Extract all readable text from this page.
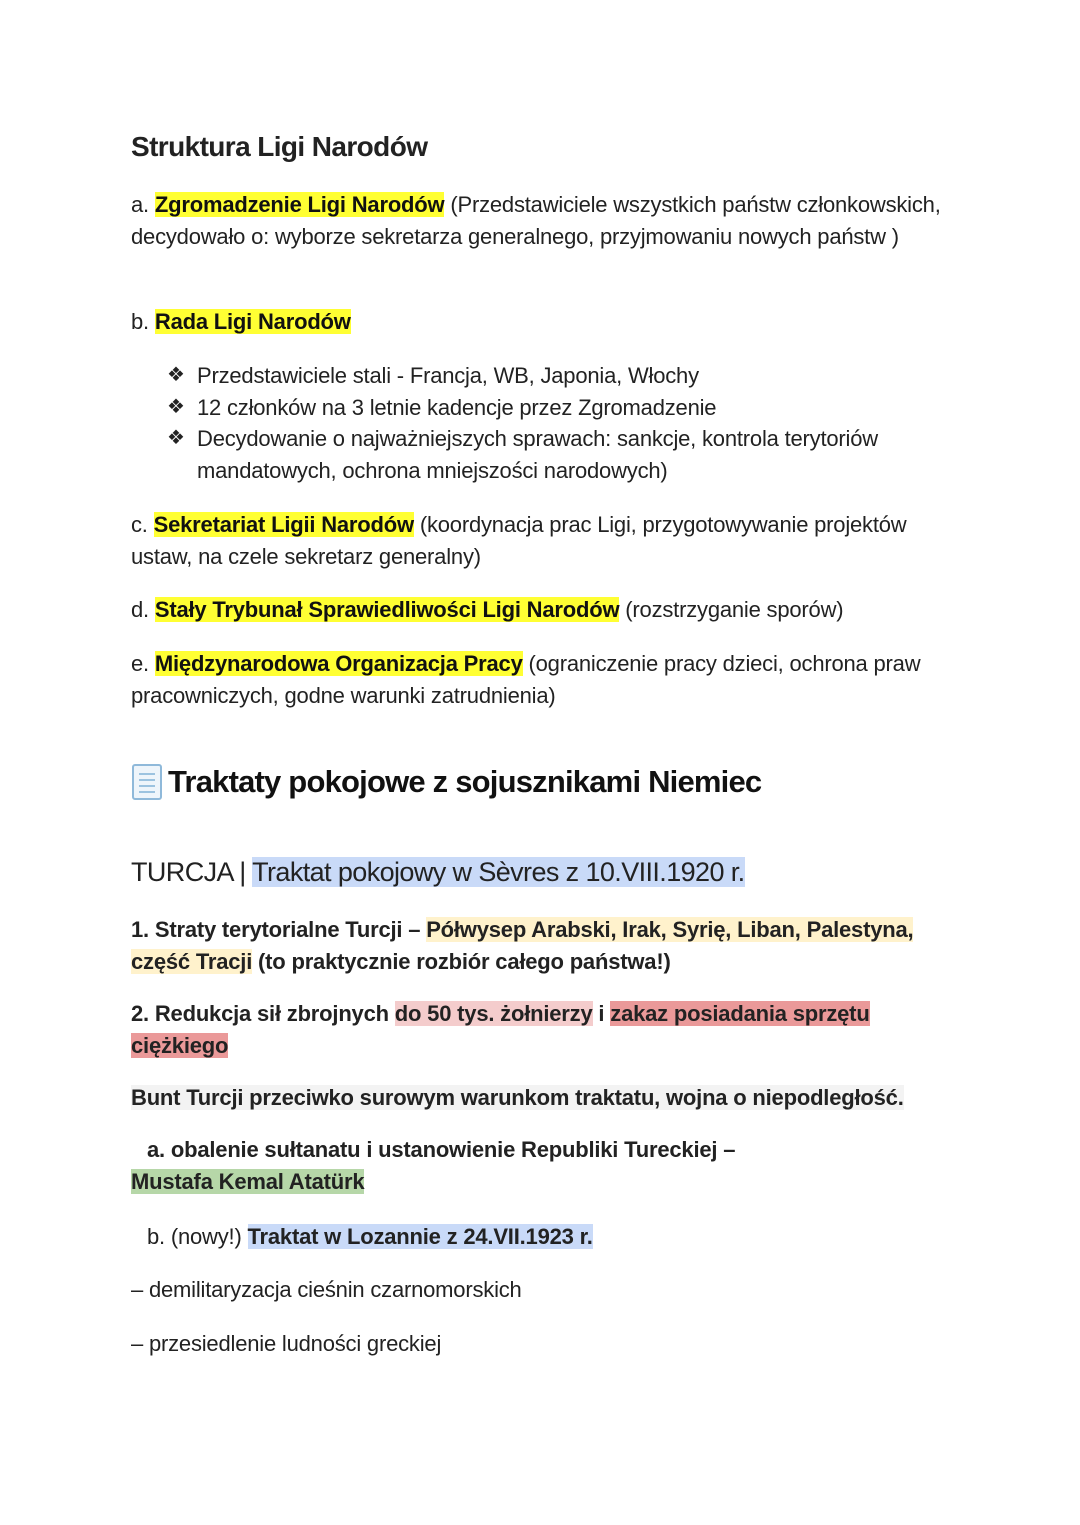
Struktura Ligi Narodów
a. Zgromadzenie Ligi Narodów (Przedstawiciele wszystkich państw członkowskich, decydowało o: wyborze sekretarza generalnego, przyjmowaniu nowych państw )
b. Rada Ligi Narodów
❖ Przedstawiciele stali - Francja, WB, Japonia, Włochy
❖ 12 członków na 3 letnie kadencje przez Zgromadzenie
❖ Decydowanie o najważniejszych sprawach: sankcje, kontrola terytoriów mandatowych, ochrona mniejszości narodowych)
c. Sekretariat Ligii Narodów (koordynacja prac Ligi, przygotowywanie projektów ustaw, na czele sekretarz generalny)
d. Stały Trybunał Sprawiedliwości Ligi Narodów (rozstrzyganie sporów)
e. Międzynarodowa Organizacja Pracy (ograniczenie pracy dzieci, ochrona praw pracowniczych, godne warunki zatrudnienia)
Traktaty pokojowe z sojusznikami Niemiec
TURCJA | Traktat pokojowy w Sèvres z 10.VIII.1920 r.
1. Straty terytorialne Turcji – Półwysep Arabski, Irak, Syrię, Liban, Palestyna, część Tracji (to praktycznie rozbiór całego państwa!)
2. Redukcja sił zbrojnych do 50 tys. żołnierzy i zakaz posiadania sprzętu ciężkiego
Bunt Turcji przeciwko surowym warunkom traktatu, wojna o niepodległość.
a. obalenie sułtanatu i ustanowienie Republiki Tureckiej –
Mustafa Kemal Atatürk
b. (nowy!) Traktat w Lozannie z 24.VII.1923 r.
– demilitaryzacja cieśnin czarnomorskich
– przesiedlenie ludności greckiej
